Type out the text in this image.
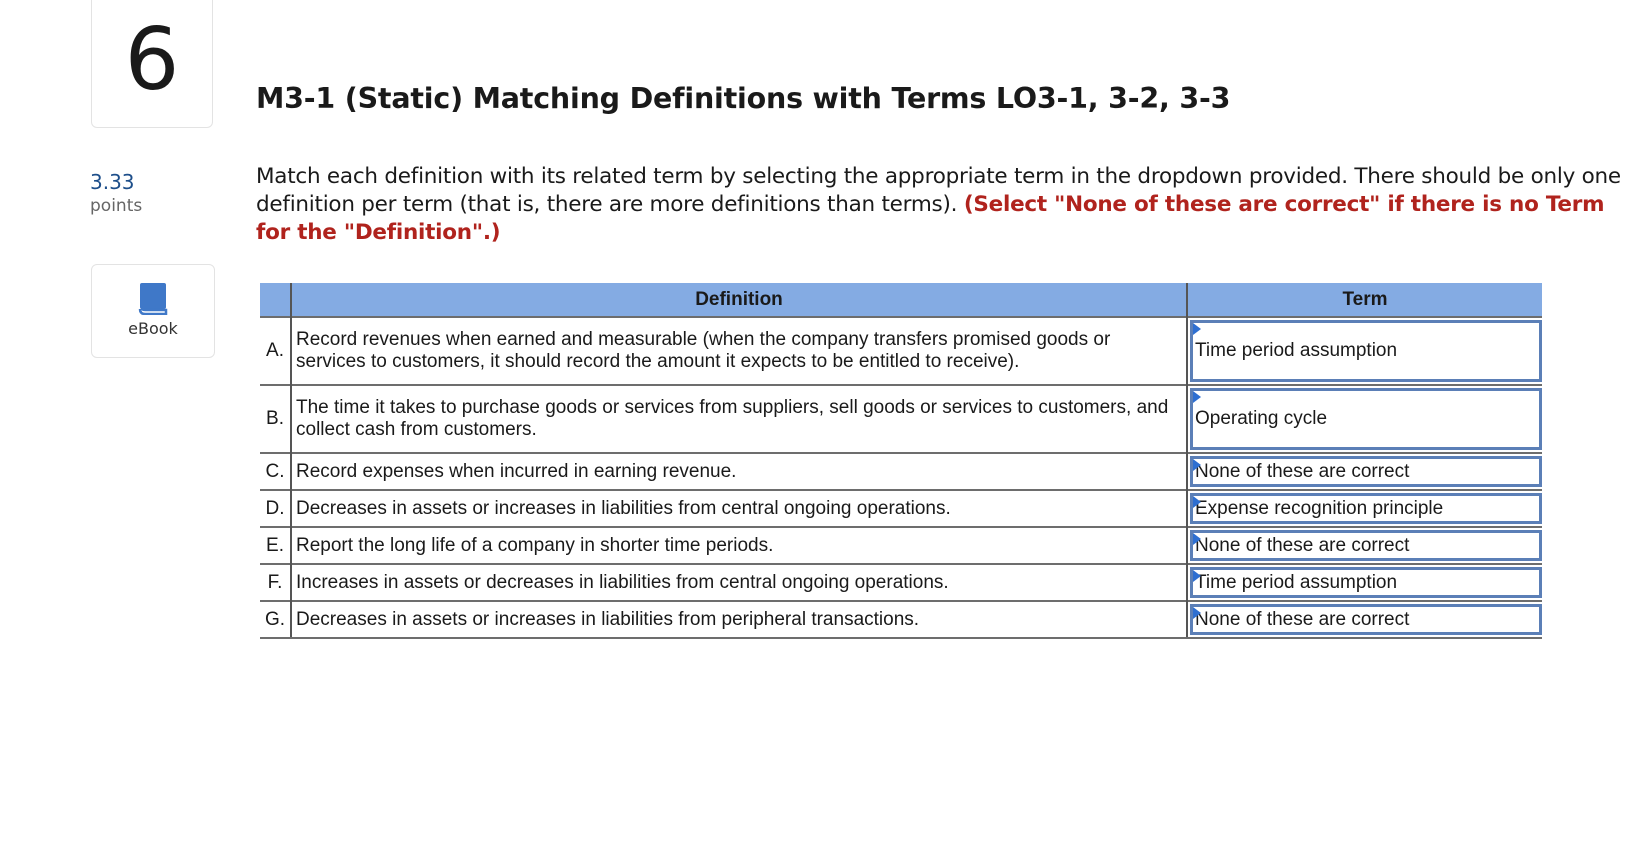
6	M3-1 (Static) Matching Definitions with Terms LO3-1, 3-2, 3-3
3.33
points
eBook
Match each definition with its related term by selecting the appropriate term in the dropdown provided. There should be only one definition per term (that is, there are more definitions than terms). (Select "None of these are correct" if there is no Term for the "Definition".)
	Definition	Term
A.	Record revenues when earned and measurable (when the company transfers promised goods or services to customers, it should record the amount it expects to be entitled to receive).	Time period assumption

B.	The time it takes to purchase goods or services from suppliers, sell goods or services to customers, and collect cash from customers.	Operating cycle

C.	Record expenses when incurred in earning revenue.	None of these are correct

D.	Decreases in assets or increases in liabilities from central ongoing operations.	Expense recognition principle

E.	Report the long life of a company in shorter time periods.	None of these are correct

F.	Increases in assets or decreases in liabilities from central ongoing operations.	Time period assumption

G.	Decreases in assets or increases in liabilities from peripheral transactions.	None of these are correct
